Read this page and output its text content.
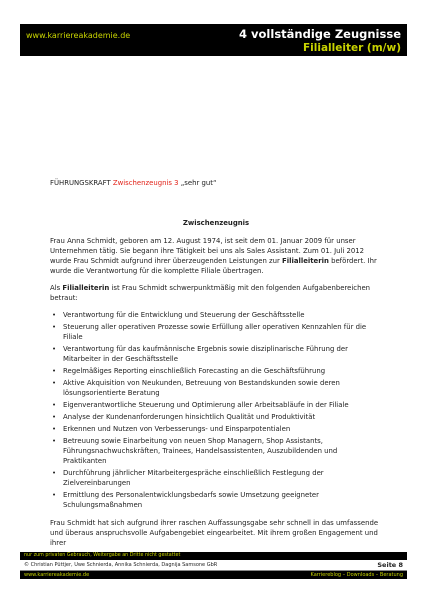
www.karriereakademie.de	4 vollständige Zeugnisse
Filialleiter (m/w)
FÜHRUNGSKRAFT Zwischenzeugnis 3 „sehr gut“
Zwischenzeugnis

Frau Anna Schmidt, geboren am 12. August 1974, ist seit dem 01. Januar 2009 für unser Unternehmen tätig. Sie begann ihre Tätigkeit bei uns als Sales Assistant. Zum 01. Juli 2012 wurde Frau Schmidt aufgrund ihrer überzeugenden Leistungen zur Filialleiterin befördert. Ihr wurde die Verantwortung für die komplette Filiale übertragen.

Als Filialleiterin ist Frau Schmidt schwerpunktmäßig mit den folgenden Aufgabenbereichen betraut:

• Verantwortung für die Entwicklung und Steuerung der Geschäftsstelle
• Steuerung aller operativen Prozesse sowie Erfüllung aller operativen Kennzahlen für die Filiale
• Verantwortung für das kaufmännische Ergebnis sowie disziplinarische Führung der Mitarbeiter in der Geschäftsstelle
• Regelmäßiges Reporting einschließlich Forecasting an die Geschäftsführung
• Aktive Akquisition von Neukunden, Betreuung von Bestandskunden sowie deren lösungsorientierte Beratung
• Eigenverantwortliche Steuerung und Optimierung aller Arbeitsabläufe in der Filiale
• Analyse der Kundenanforderungen hinsichtlich Qualität und Produktivität
• Erkennen und Nutzen von Verbesserungs- und Einsparpotentialen
• Betreuung sowie Einarbeitung von neuen Shop Managern, Shop Assistants, Führungsnachwuchskräften, Trainees, Handelsassistenten, Auszubildenden und Praktikanten
• Durchführung jährlicher Mitarbeitergespräche einschließlich Festlegung der Zielvereinbarungen
• Ermittlung des Personalentwicklungsbedarfs sowie Umsetzung geeigneter Schulungsmaßnahmen

Frau Schmidt hat sich aufgrund ihrer raschen Auffassungsgabe sehr schnell in das umfassende und überaus anspruchsvolle Aufgabengebiet eingearbeitet. Mit ihrem großen Engagement und ihrer

nur zum privaten Gebrauch, Weitergabe an Dritte nicht gestattet
© Christian Püttjer, Uwe Schnierda, Annika Schnierda, Dagnija Samsone GbR	Seite 8
www.karriereakademie.de	Karriereblog – Downloads – Beratung
